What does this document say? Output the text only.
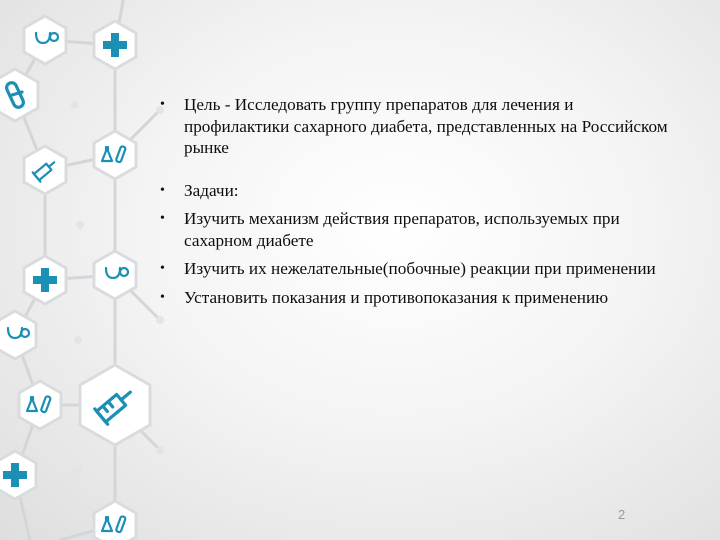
• Цель - Исследовать группу препаратов для лечения и профилактики сахарного диабета, представленных на Российском рынке
• Задачи:
• Изучить механизм действия препаратов, используемых при сахарном диабете
• Изучить их нежелательные(побочные) реакции при применении
• Установить показания и противопоказания к применению
2
